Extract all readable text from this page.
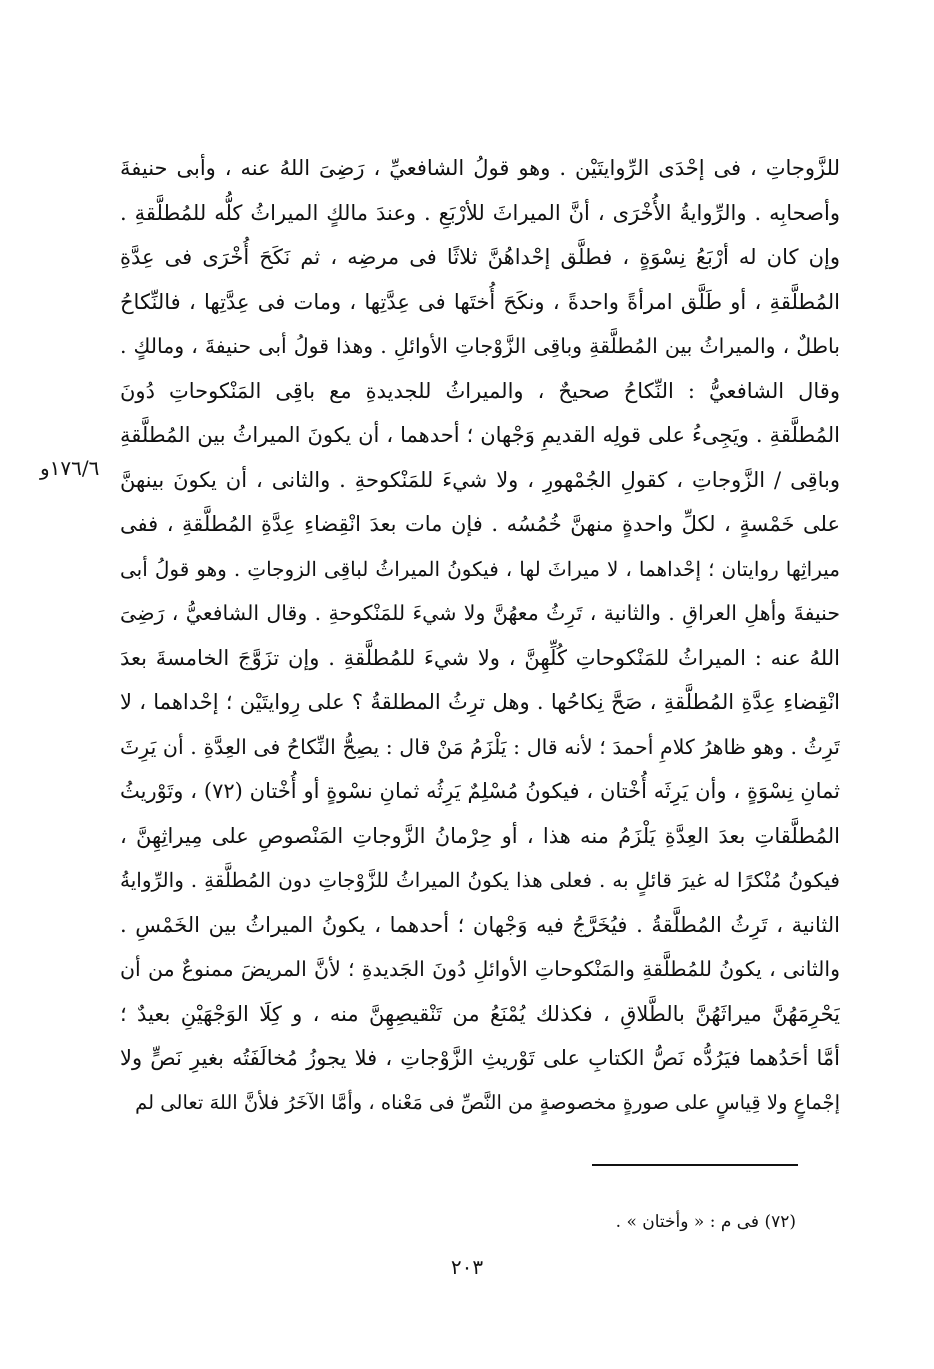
للزَّوجاتِ ، فى إحْدَى الرِّوايتَيْن . وهو قولُ الشافعيِّ ، رَضِىَ اللهُ عنه ، وأبى حنيفةَ
وأصحابِه . والرِّوايةُ الأُخْرَى ، أنَّ الميراثَ للأرْبَعِ . وعندَ مالكٍ الميراثُ كلُّه للمُطلَّقةِ .
وإن كان له أرْبَعُ نِسْوَةٍ ، فطلَّق إحْداهُنَّ ثلاثًا فى مرضِه ، ثم نَكَحَ أُخْرَى فى عِدَّةِ
المُطلَّقةِ ، أو طَلَّق امرأةً واحدةً ، ونكَحَ أُختَها فى عِدَّتِها ، ومات فى عِدَّتِها ، فالنِّكاحُ
باطلٌ ، والميراثُ بين المُطلَّقةِ وباقِى الزَّوْجاتِ الأوائلِ . وهذا قولُ أبى حنيفةَ ، ومالكٍ .
وقال الشافعيُّ : النِّكاحُ صحيحٌ ، والميراثُ للجديدةِ مع باقِى المَنْكوحاتِ دُونَ
المُطلَّقةِ . ويَجِىءُ على قولِه القديمِ وَجْهان ؛ أحدهما ، أن يكونَ الميراثُ بين المُطلَّقةِ
وباقِى / الزَّوجاتِ ، كقولِ الجُمْهورِ ، ولا شيءَ للمَنْكوحةِ . والثانى ، أن يكونَ بينهنَّ
على خَمْسةٍ ، لكلِّ واحدةٍ منهنَّ خُمُسُه . فإن مات بعدَ انْقِضاءِ عِدَّةِ المُطلَّقةِ ، ففى
ميراثِها روايتان ؛ إحْداهما ، لا ميراثَ لها ، فيكونُ الميراثُ لباقِى الزوجاتِ . وهو قولُ أبى
حنيفةَ وأهلِ العراقِ . والثانية ، تَرِثُ معهُنَّ ولا شيءَ للمَنْكوحةِ . وقال الشافعيُّ ، رَضِىَ
اللهُ عنه : الميراثُ للمَنْكوحاتِ كُلِّهِنَّ ، ولا شيءَ للمُطلَّقةِ . وإن تزَوَّجَ الخامسةَ بعدَ
انْقِضاءِ عِدَّةِ المُطلَّقةِ ، صَحَّ نِكاحُها . وهل ترِثُ المطلقةُ ؟ على رِوايتَيْن ؛ إحْداهما ، لا
تَرِثُ . وهو ظاهرُ كلامِ أحمدَ ؛ لأنه قال : يَلْزَمُ مَنْ قال : يصِحُّ النِّكاحُ فى العِدَّةِ . أن يَرِثَ
ثمانِ نِسْوَةٍ ، وأن يَرِثَه أُخْتان ، فيكونُ مُسْلِمٌ يَرِثُه ثمانِ نسْوةٍ أو أُخْتان (٧٢) ، وتَوْريثُ
المُطلَّقاتِ بعدَ العِدَّةِ يَلْزَمُ منه هذا ، أو حِرْمانُ الزَّوجاتِ المَنْصوصِ على مِيراثِهِنَّ ،
فيكونُ مُنْكرًا له غيرَ قائلٍ به . فعلى هذا يكونُ الميراثُ للزَّوْجاتِ دون المُطلَّقةِ . والرِّوايةُ
الثانية ، تَرِثُ المُطلَّقةُ . فيُخَرَّجُ فيه وَجْهان ؛ أحدهما ، يكونُ الميراثُ بين الخَمْسِ .
والثانى ، يكونُ للمُطلَّقةِ والمَنْكوحاتِ الأوائلِ دُونَ الجَديدةِ ؛ لأنَّ المريضَ ممنوعٌ من أن
يَحْرِمَهُنَّ ميراثَهُنَّ بالطَّلاقِ ، فكذلك يُمْنَعُ من تَنْقيصِهِنَّ منه ، و كِلَا الوَجْهَيْنِ بعيدٌ ؛
أمَّا أحَدُهما فيَرُدُّه نَصُّ الكتابِ على تَوْريثِ الزَّوْجاتِ ، فلا يجوزُ مُخالَفَتُه بغيرِ نَصٍّ ولا
إجْماعٍ ولا قِياسٍ على صورةٍ مخصوصةٍ من النَّصِّ فى مَعْناه ، وأمَّا الآخَرُ فلأنَّ اللهَ تعالى لم
١٧٦/٦و
(٧٢) فى م : « وأختان » .
٢٠٣
